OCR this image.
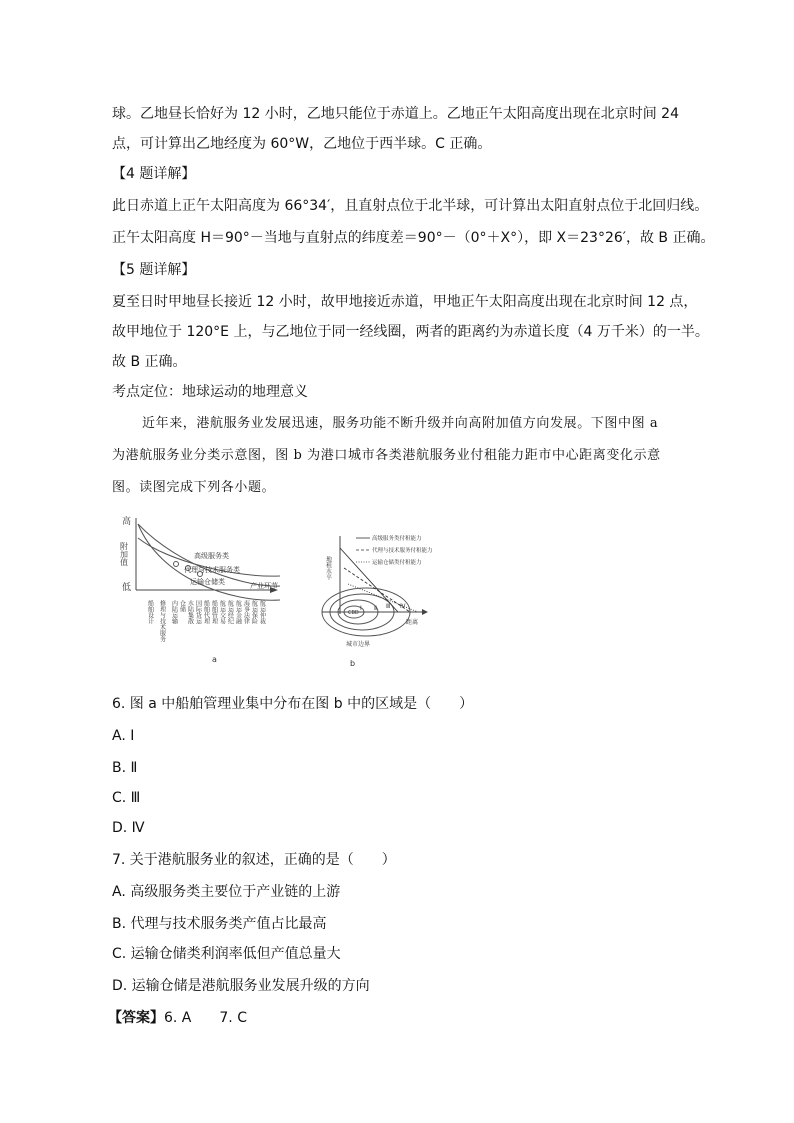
球。乙地昼长恰好为 12 小时，乙地只能位于赤道上。乙地正午太阳高度出现在北京时间 24
点，可计算出乙地经度为 60°W，乙地位于西半球。C 正确。
【4 题详解】
此日赤道上正午太阳高度为 66°34′，且直射点位于北半球，可计算出太阳直射点位于北回归线。
正午太阳高度 H＝90°－当地与直射点的纬度差＝90°－（0°＋X°），即 X＝23°26′，故 B 正确。
【5 题详解】
夏至日时甲地昼长接近 12 小时，故甲地接近赤道，甲地正午太阳高度出现在北京时间 12 点，
故甲地位于 120°E 上，与乙地位于同一经线圈，两者的距离约为赤道长度（4 万千米）的一半。
故 B 正确。
考点定位：地球运动的地理意义
近年来，港航服务业发展迅速，服务功能不断升级并向高附加值方向发展。下图中图 a
为港航服务业分类示意图，图 b 为港口城市各类港航服务业付租能力距市中心距离变化示意
图。读图完成下列各小题。
高
附加值
低
高级服务类
代理与技术服务类
运输仓储类	产业环节
船舶设计 修理与技术服务 内陆运输 仓储 水陆集散 国际货运 船舶代理 船舶管理 航运交易 航运经纪 航运金融 海事法律 航运保险 航运仲裁
a
地租水平
高级服务类付租能力
代理与技术服务付租能力
运输仓储类付租能力
距离
CBD
Ⅰ Ⅱ Ⅲ Ⅳ
城市边界
b
6. 图 a 中船舶管理业集中分布在图 b 中的区域是（　　）
A. Ⅰ
B. Ⅱ
C. Ⅲ
D. Ⅳ
7. 关于港航服务业的叙述，正确的是（　　）
A. 高级服务类主要位于产业链的上游
B. 代理与技术服务类产值占比最高
C. 运输仓储类利润率低但产值总量大
D. 运输仓储是港航服务业发展升级的方向
【答案】6. A　　7. C
